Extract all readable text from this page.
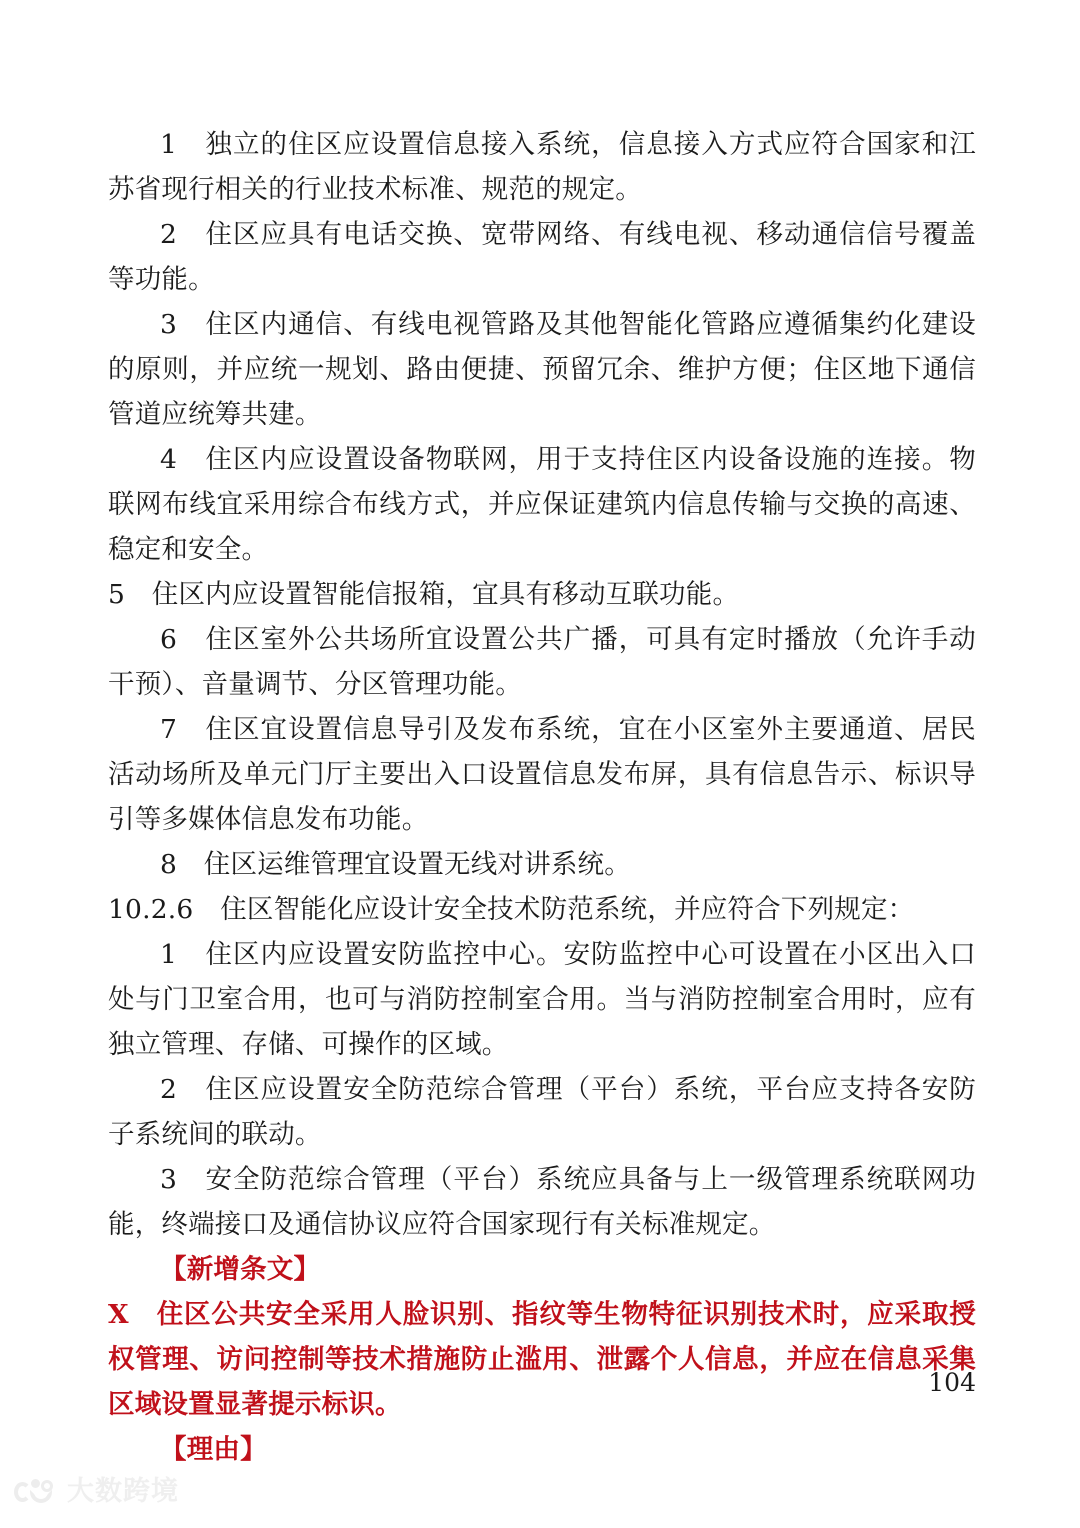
1　独立的住区应设置信息接入系统，信息接入方式应符合国家和江苏省现行相关的行业技术标准、规范的规定。

2　住区应具有电话交换、宽带网络、有线电视、移动通信信号覆盖等功能。

3　住区内通信、有线电视管路及其他智能化管路应遵循集约化建设的原则，并应统一规划、路由便捷、预留冗余、维护方便；住区地下通信管道应统筹共建。

4　住区内应设置设备物联网，用于支持住区内设备设施的连接。物联网布线宜采用综合布线方式，并应保证建筑内信息传输与交换的高速、稳定和安全。

5　住区内应设置智能信报箱，宜具有移动互联功能。

6　住区室外公共场所宜设置公共广播，可具有定时播放（允许手动干预）、音量调节、分区管理功能。

7　住区宜设置信息导引及发布系统，宜在小区室外主要通道、居民活动场所及单元门厅主要出入口设置信息发布屏，具有信息告示、标识导引等多媒体信息发布功能。

8　住区运维管理宜设置无线对讲系统。

10.2.6　住区智能化应设计安全技术防范系统，并应符合下列规定：

1　住区内应设置安防监控中心。安防监控中心可设置在小区出入口处与门卫室合用，也可与消防控制室合用。当与消防控制室合用时，应有独立管理、存储、可操作的区域。

2　住区应设置安全防范综合管理（平台）系统，平台应支持各安防子系统间的联动。

3　安全防范综合管理（平台）系统应具备与上一级管理系统联网功能，终端接口及通信协议应符合国家现行有关标准规定。

【新增条文】

X　住区公共安全采用人脸识别、指纹等生物特征识别技术时，应采取授权管理、访问控制等技术措施防止滥用、泄露个人信息，并应在信息采集区域设置显著提示标识。

【理由】

104
大数跨境
